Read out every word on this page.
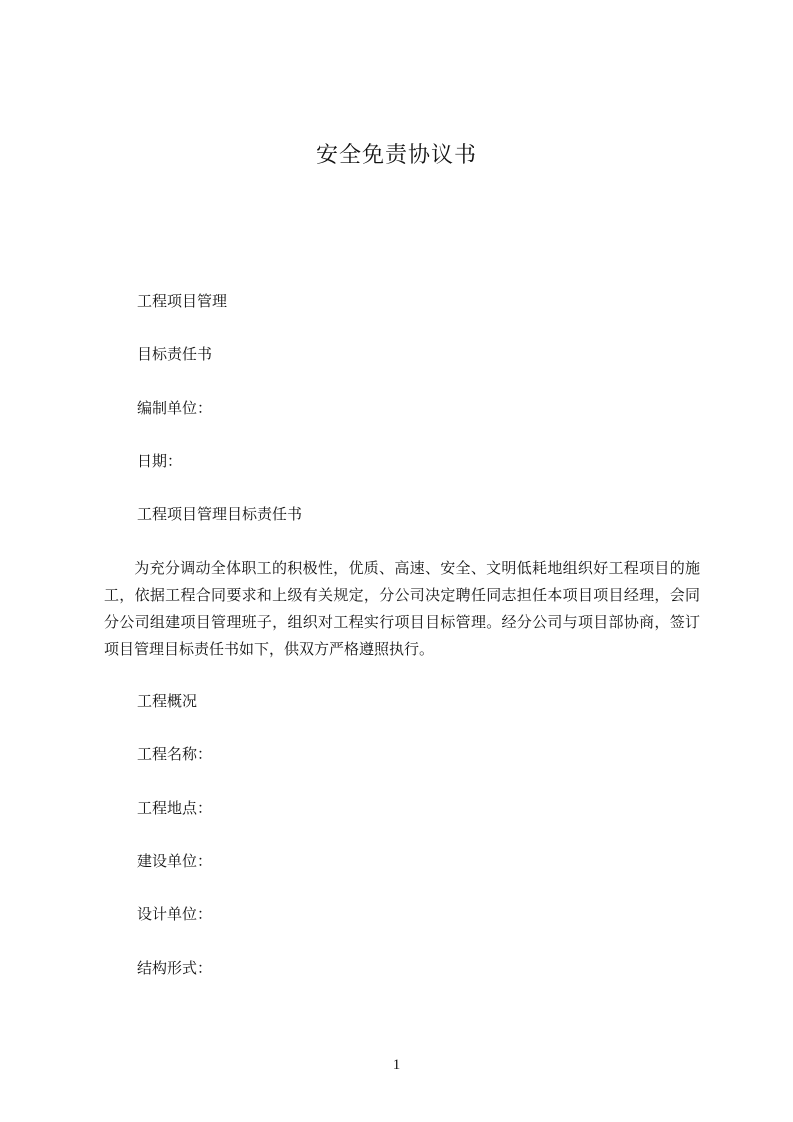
安全免责协议书
工程项目管理
目标责任书
编制单位：
日期：
工程项目管理目标责任书
为充分调动全体职工的积极性，优质、高速、安全、文明低耗地组织好工程项目的施工，依据工程合同要求和上级有关规定，分公司决定聘任同志担任本项目项目经理，会同分公司组建项目管理班子，组织对工程实行项目目标管理。经分公司与项目部协商，签订项目管理目标责任书如下，供双方严格遵照执行。
工程概况
工程名称：
工程地点：
建设单位：
设计单位：
结构形式：
1
